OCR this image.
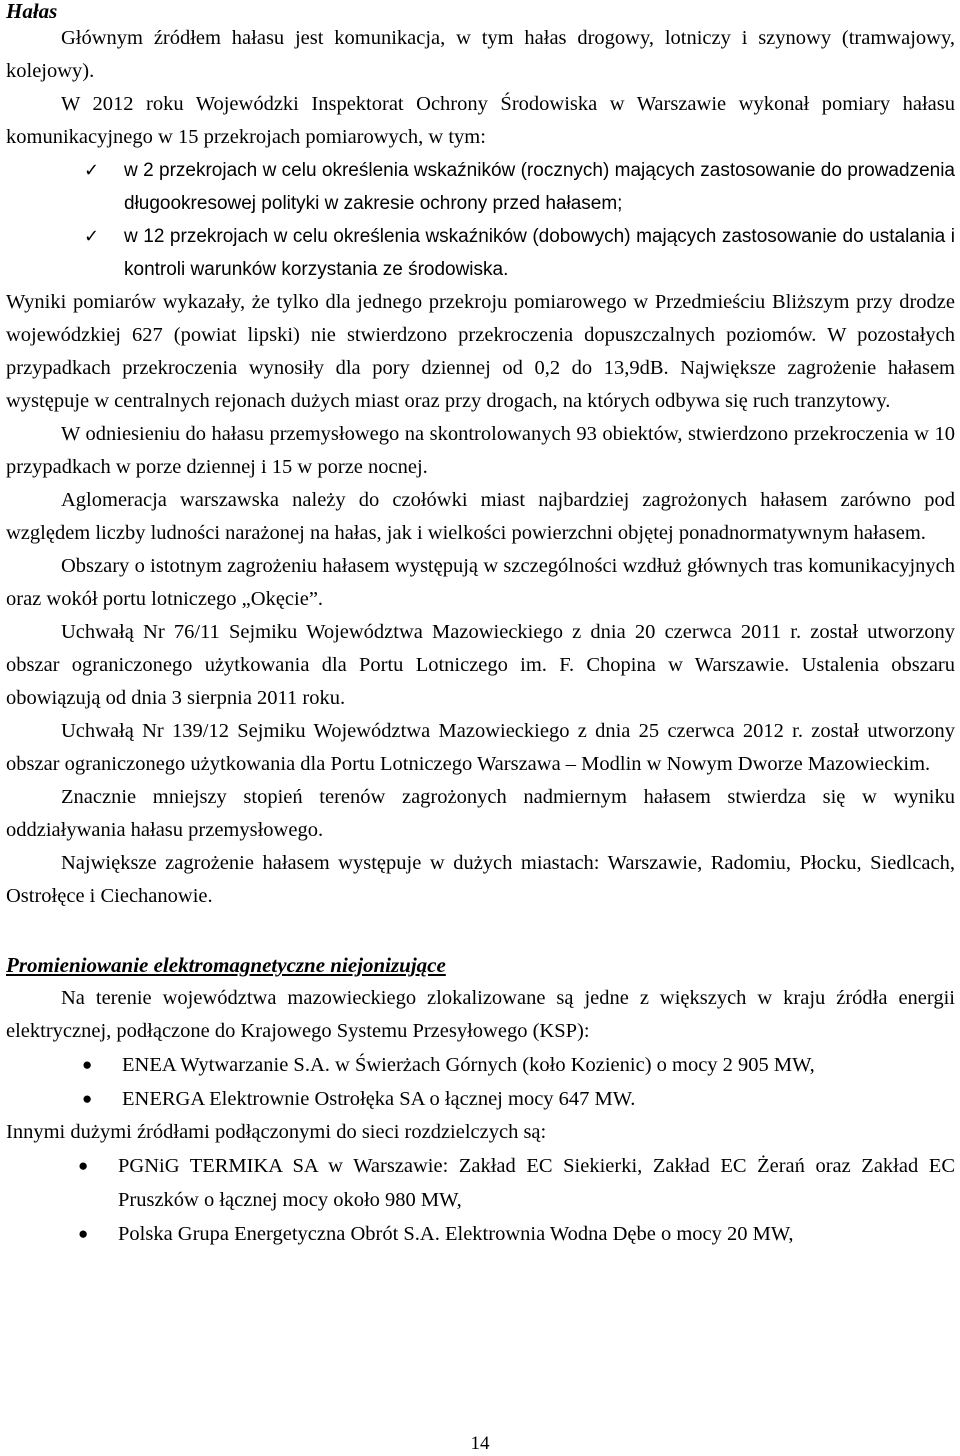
Hałas

Głównym źródłem hałasu jest komunikacja, w tym hałas drogowy, lotniczy i szynowy (tramwajowy, kolejowy).

W 2012 roku Wojewódzki Inspektorat Ochrony Środowiska w Warszawie wykonał pomiary hałasu komunikacyjnego w 15 przekrojach pomiarowych, w tym:

✓ w 2 przekrojach w celu określenia wskaźników (rocznych) mających zastosowanie do prowadzenia długookresowej polityki w zakresie ochrony przed hałasem;
✓ w 12 przekrojach w celu określenia wskaźników (dobowych) mających zastosowanie do ustalania i kontroli warunków korzystania ze środowiska.

Wyniki pomiarów wykazały, że tylko dla jednego przekroju pomiarowego w Przedmieściu Bliższym przy drodze wojewódzkiej 627 (powiat lipski) nie stwierdzono przekroczenia dopuszczalnych poziomów. W pozostałych przypadkach przekroczenia wynosiły dla pory dziennej od 0,2 do 13,9dB. Największe zagrożenie hałasem występuje w centralnych rejonach dużych miast oraz przy drogach, na których odbywa się ruch tranzytowy.

W odniesieniu do hałasu przemysłowego na skontrolowanych 93 obiektów, stwierdzono przekroczenia w 10 przypadkach w porze dziennej i 15 w porze nocnej.

Aglomeracja warszawska należy do czołówki miast najbardziej zagrożonych hałasem zarówno pod względem liczby ludności narażonej na hałas, jak i wielkości powierzchni objętej ponadnormatywnym hałasem.

Obszary o istotnym zagrożeniu hałasem występują w szczególności wzdłuż głównych tras komunikacyjnych oraz wokół portu lotniczego „Okęcie”.

Uchwałą Nr 76/11 Sejmiku Województwa Mazowieckiego z dnia 20 czerwca 2011 r. został utworzony obszar ograniczonego użytkowania dla Portu Lotniczego im. F. Chopina w Warszawie. Ustalenia obszaru obowiązują od dnia 3 sierpnia 2011 roku.

Uchwałą Nr 139/12 Sejmiku Województwa Mazowieckiego z dnia 25 czerwca 2012 r. został utworzony obszar ograniczonego użytkowania dla Portu Lotniczego Warszawa – Modlin w Nowym Dworze Mazowieckim.

Znacznie mniejszy stopień terenów zagrożonych nadmiernym hałasem stwierdza się w wyniku oddziaływania hałasu przemysłowego.

Największe zagrożenie hałasem występuje w dużych miastach: Warszawie, Radomiu, Płocku, Siedlcach, Ostrołęce i Ciechanowie.

Promieniowanie elektromagnetyczne niejonizujące

Na terenie województwa mazowieckiego zlokalizowane są jedne z większych w kraju źródła energii elektrycznej, podłączone do Krajowego Systemu Przesyłowego (KSP):

● ENEA Wytwarzanie S.A. w Świerżach Górnych (koło Kozienic) o mocy 2 905 MW,
● ENERGA Elektrownie Ostrołęka SA o łącznej mocy 647 MW.

Innymi dużymi źródłami podłączonymi do sieci rozdzielczych są:

● PGNiG TERMIKA SA w Warszawie: Zakład EC Siekierki, Zakład EC Żerań oraz Zakład EC Pruszków o łącznej mocy około 980 MW,
● Polska Grupa Energetyczna Obrót S.A. Elektrownia Wodna Dębe o mocy 20 MW,
14
